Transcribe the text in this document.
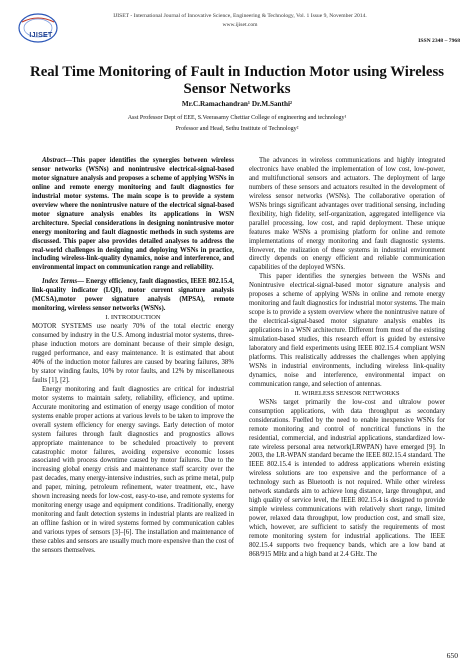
IJISET
IJISET - International Journal of Innovative Science, Engineering & Technology, Vol. 1 Issue 9, November 2014.
www.ijiset.com
ISSN 2348 – 7968
Real Time Monitoring of Fault in Induction Motor using Wireless Sensor Networks
Mr.C.Ramachandran¹ Dr.M.Santhi²
Asst Professor Dept of EEE, S.Veerasamy Chettiar College of engineering and technology¹
Professor and Head, Sethu Institute of Technology²

Abstract—This paper identifies the synergies between wireless sensor networks (WSNs) and nonintrusive electrical-signal-based motor signature analysis and proposes a scheme of applying WSNs in online and remote energy monitoring and fault diagnostics for industrial motor systems. The main scope is to provide a system overview where the nonintrusive nature of the electrical signal-based motor signature analysis enables its applications in WSN architecture. Special considerations in designing nonintrusive motor energy monitoring and fault diagnostic methods in such systems are discussed. This paper also provides detailed analyses to address the real-world challenges in designing and deploying WSNs in practice, including wireless-link-quality dynamics, noise and interference, and environmental impact on communication range and reliability.

Index Terms— Energy efficiency, fault diagnostics, IEEE 802.15.4, link-quality indicator (LQI), motor current signature analysis (MCSA),motor power signature analysis (MPSA), remote monitoring, wireless sensor networks (WSNs).

I. INTRODUCTION

MOTOR SYSTEMS use nearly 70% of the total electric energy consumed by industry in the U.S. Among industrial motor systems, three-phase induction motors are dominant because of their simple design, rugged performance, and easy maintenance. It is estimated that about 40% of the induction motor failures are caused by bearing failures, 38% by stator winding faults, 10% by rotor faults, and 12% by miscellaneous faults [1], [2].

Energy monitoring and fault diagnostics are critical for industrial motor systems to maintain safety, reliability, efficiency, and uptime. Accurate monitoring and estimation of energy usage condition of motor systems enable proper actions at various levels to be taken to improve the overall system efficiency for energy savings. Early detection of motor system failures through fault diagnostics and prognostics allows appropriate maintenance to be scheduled proactively to prevent catastrophic motor failures, avoiding expensive economic losses associated with process downtime caused by motor failures. Due to the increasing global energy crisis and maintenance staff scarcity over the past decades, many energy-intensive industries, such as prime metal, pulp and paper, mining, petroleum refinement, water treatment, etc., have shown increasing needs for low-cost, easy-to-use, and remote systems for monitoring energy usage and equipment conditions. Traditionally, energy monitoring and fault detection systems in industrial plants are realized in an offline fashion or in wired systems formed by communication cables and various types of sensors [3]–[6]. The installation and maintenance of these cables and sensors are usually much more expensive than the cost of the sensors themselves.

The advances in wireless communications and highly integrated electronics have enabled the implementation of low cost, low-power, and multifunctional sensors and actuators. The deployment of large numbers of these sensors and actuators resulted in the development of wireless sensor networks (WSNs). The collaborative operation of WSNs brings significant advantages over traditional sensing, including flexibility, high fidelity, self-organization, aggregated intelligence via parallel processing, low cost, and rapid deployment. These unique features make WSNs a promising platform for online and remote implementations of energy monitoring and fault diagnostic systems. However, the realization of these systems in industrial environment directly depends on energy efficient and reliable communication capabilities of the deployed WSNs.

This paper identifies the synergies between the WSNs and Nonintrusive electrical-signal-based motor signature analysis and proposes a scheme of applying WSNs in online and remote energy monitoring and fault diagnostics for industrial motor systems. The main scope is to provide a system overview where the nonintrusive nature of the electrical-signal-based motor signature analysis enables its applications in a WSN architecture. Different from most of the existing simulation-based studies, this research effort is guided by extensive laboratory and field experiments using IEEE 802.15.4 compliant WSN platforms. This realistically addresses the challenges when applying WSNs in industrial environments, including wireless link-quality dynamics, noise and interference, environmental impact on communication range, and selection of antennas.

II. WIRELESS SENSOR NETWORKS

WSNs target primarily the low-cost and ultralow power consumption applications, with data throughput as secondary considerations. Fuelled by the need to enable inexpensive WSNs for remote monitoring and control of noncritical functions in the residential, commercial, and industrial applications, standardized low-rate wireless personal area network(LRWPAN) have emerged [9]. In 2003, the LR-WPAN standard became the IEEE 802.15.4 standard. The IEEE 802.15.4 is intended to address applications wherein existing wireless solutions are too expensive and the performance of a technology such as Bluetooth is not required. While other wireless network standards aim to achieve long distance, large throughput, and high quality of service level, the IEEE 802.15.4 is designed to provide simple wireless communications with relatively short range, limited power, relaxed data throughput, low production cost, and small size, which, however, are sufficient to satisfy the requirements of most remote monitoring system for industrial applications. The IEEE 802.15.4 supports two frequency bands, which are a low band at 868/915 MHz and a high band at 2.4 GHz. The

650
